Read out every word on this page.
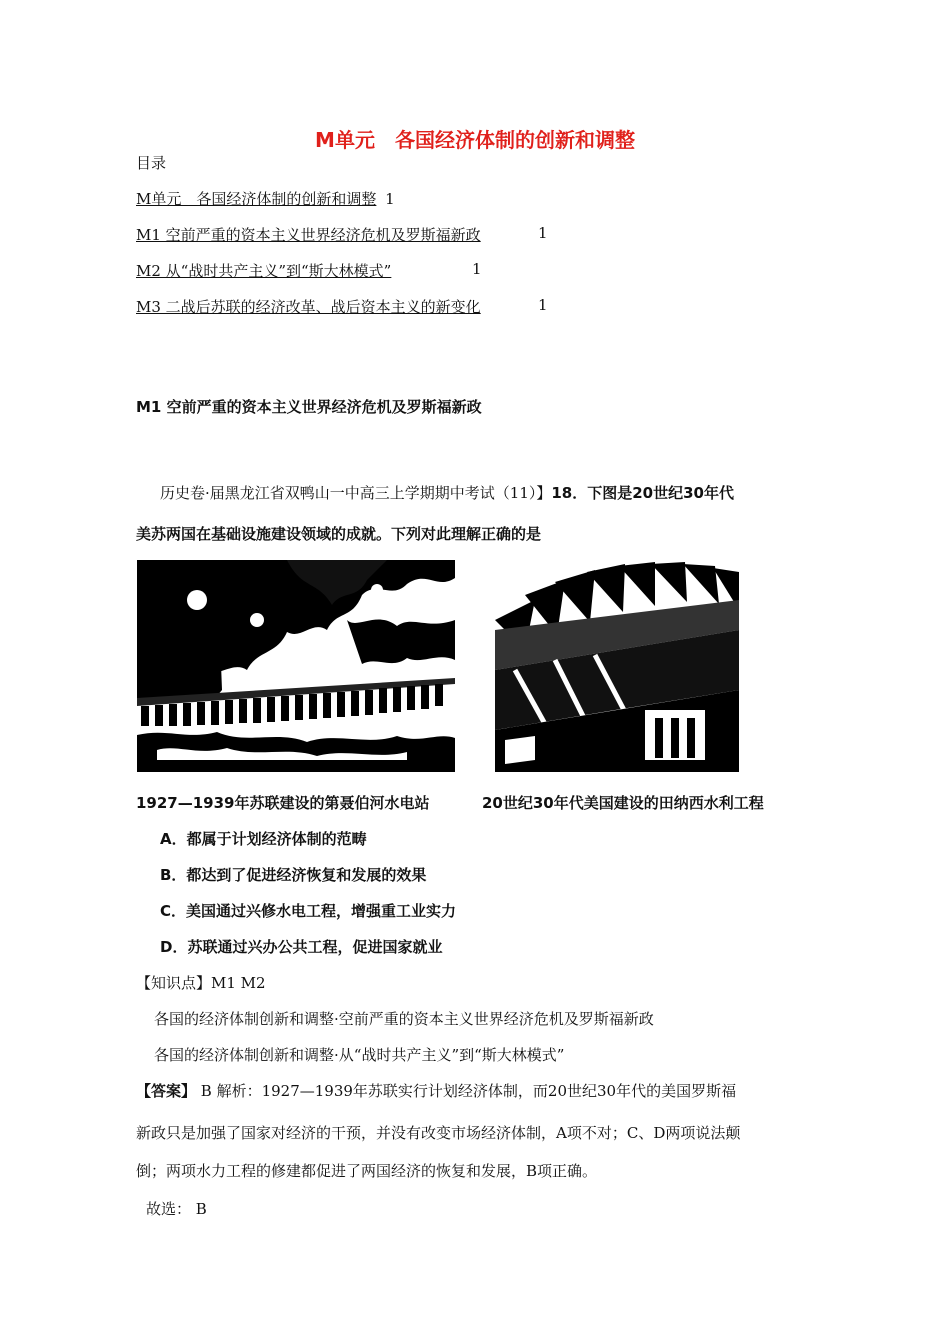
M单元　各国经济体制的创新和调整
目录
M单元　各国经济体制的创新和调整 1
M1 空前严重的资本主义世界经济危机及罗斯福新政	1
M2 从“战时共产主义”到“斯大林模式”	1
M3 二战后苏联的经济改革、战后资本主义的新变化	1
M1 空前严重的资本主义世界经济危机及罗斯福新政
历史卷·届黑龙江省双鸭山一中高三上学期期中考试（11）】18．下图是20世纪30年代
美苏两国在基础设施建设领域的成就。下列对此理解正确的是
1927—1939年苏联建设的第聂伯河水电站	20世纪30年代美国建设的田纳西水利工程
A．都属于计划经济体制的范畴
B．都达到了促进经济恢复和发展的效果
C．美国通过兴修水电工程，增强重工业实力
D．苏联通过兴办公共工程，促进国家就业
【知识点】M1 M2
各国的经济体制创新和调整·空前严重的资本主义世界经济危机及罗斯福新政
各国的经济体制创新和调整·从“战时共产主义”到“斯大林模式”
【答案】 B 解析：1927—1939年苏联实行计划经济体制，而20世纪30年代的美国罗斯福
新政只是加强了国家对经济的干预，并没有改变市场经济体制，A项不对；C、D两项说法颠
倒；两项水力工程的修建都促进了两国经济的恢复和发展，B项正确。
故选： B
